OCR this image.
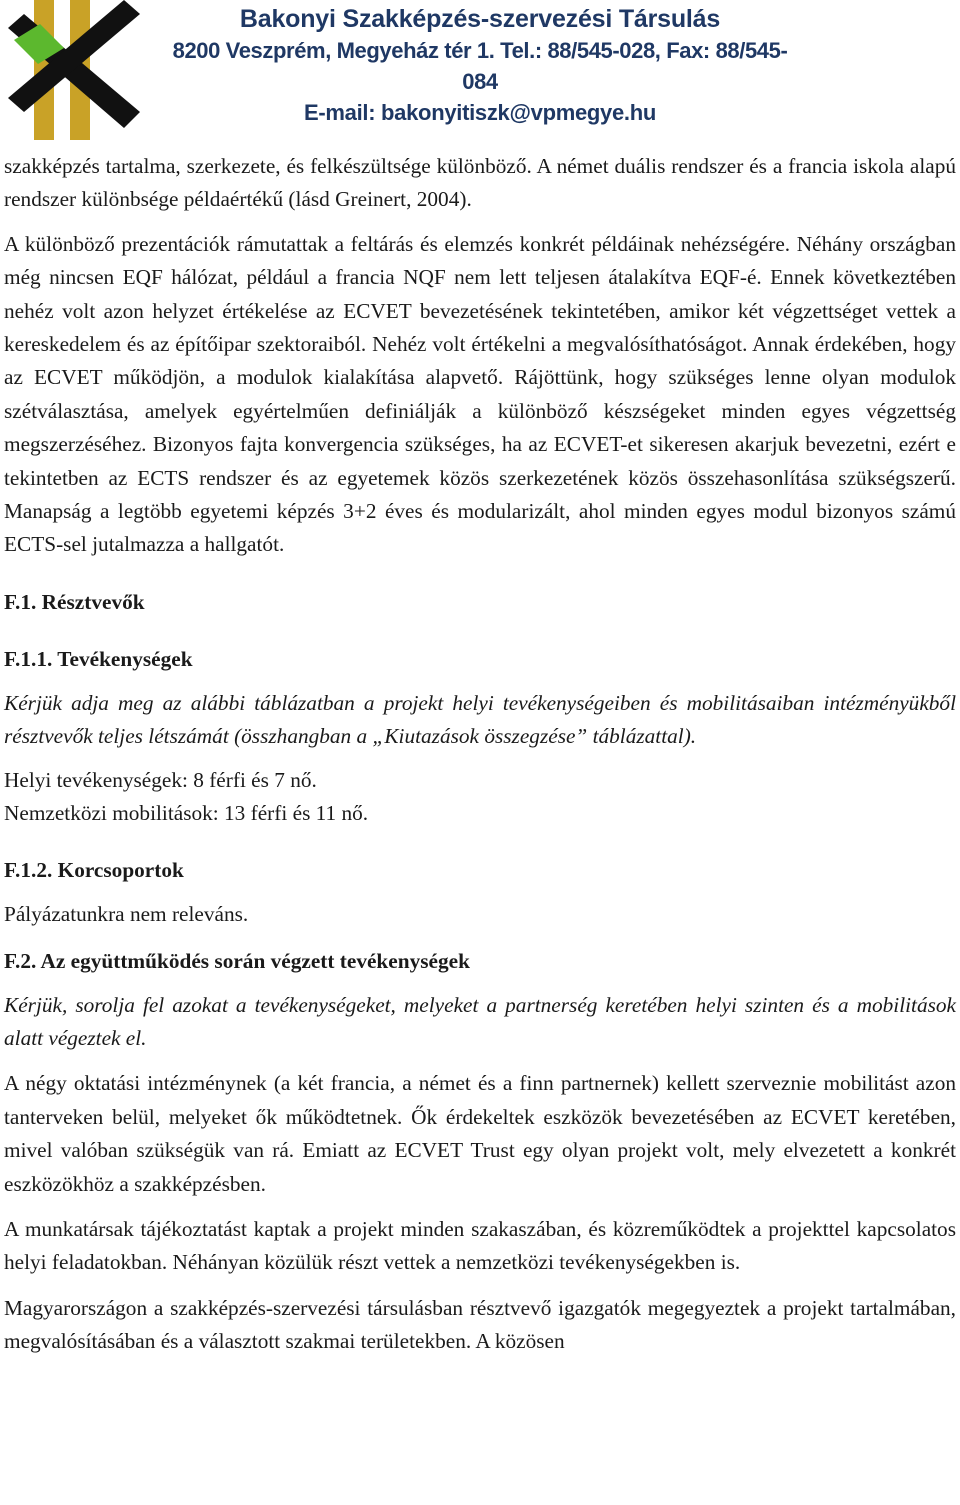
Bakonyi Szakképzés-szervezési Társulás
8200 Veszprém, Megyeház tér 1. Tel.: 88/545-028, Fax: 88/545-084
E-mail: bakonyitiszk@vpmegye.hu

szakképzés tartalma, szerkezete, és felkészültsége különböző. A német duális rendszer és a francia iskola alapú rendszer különbsége példaértékű (lásd Greinert, 2004).

A különböző prezentációk rámutattak a feltárás és elemzés konkrét példáinak nehézségére. Néhány országban még nincsen EQF hálózat, például a francia NQF nem lett teljesen átalakítva EQF-é. Ennek következtében nehéz volt azon helyzet értékelése az ECVET bevezetésének tekintetében, amikor két végzettséget vettek a kereskedelem és az építőipar szektoraiból. Nehéz volt értékelni a megvalósíthatóságot. Annak érdekében, hogy az ECVET működjön, a modulok kialakítása alapvető. Rájöttünk, hogy szükséges lenne olyan modulok szétválasztása, amelyek egyértelműen definiálják a különböző készségeket minden egyes végzettség megszerzéséhez. Bizonyos fajta konvergencia szükséges, ha az ECVET-et sikeresen akarjuk bevezetni, ezért e tekintetben az ECTS rendszer és az egyetemek közös szerkezetének közös összehasonlítása szükségszerű. Manapság a legtöbb egyetemi képzés 3+2 éves és modularizált, ahol minden egyes modul bizonyos számú ECTS-sel jutalmazza a hallgatót.

F.1. Résztvevők
F.1.1. Tevékenységek

Kérjük adja meg az alábbi táblázatban a projekt helyi tevékenységeiben és mobilitásaiban intézményükből résztvevők teljes létszámát (összhangban a „Kiutazások összegzése” táblázattal).

Helyi tevékenységek: 8 férfi és 7 nő.

Nemzetközi mobilitások: 13 férfi és 11 nő.

F.1.2. Korcsoportok

Pályázatunkra nem releváns.

F.2. Az együttműködés során végzett tevékenységek

Kérjük, sorolja fel azokat a tevékenységeket, melyeket a partnerség keretében helyi szinten és a mobilitások alatt végeztek el.

A négy oktatási intézménynek (a két francia, a német és a finn partnernek) kellett szerveznie mobilitást azon tanterveken belül, melyeket ők működtetnek. Ők érdekeltek eszközök bevezetésében az ECVET keretében, mivel valóban szükségük van rá. Emiatt az ECVET Trust egy olyan projekt volt, mely elvezetett a konkrét eszközökhöz a szakképzésben.

A munkatársak tájékoztatást kaptak a projekt minden szakaszában, és közreműködtek a projekttel kapcsolatos helyi feladatokban. Néhányan közülük részt vettek a nemzetközi tevékenységekben is.

Magyarországon a szakképzés-szervezési társulásban résztvevő igazgatók megegyeztek a projekt tartalmában, megvalósításában és a választott szakmai területekben. A közösen
